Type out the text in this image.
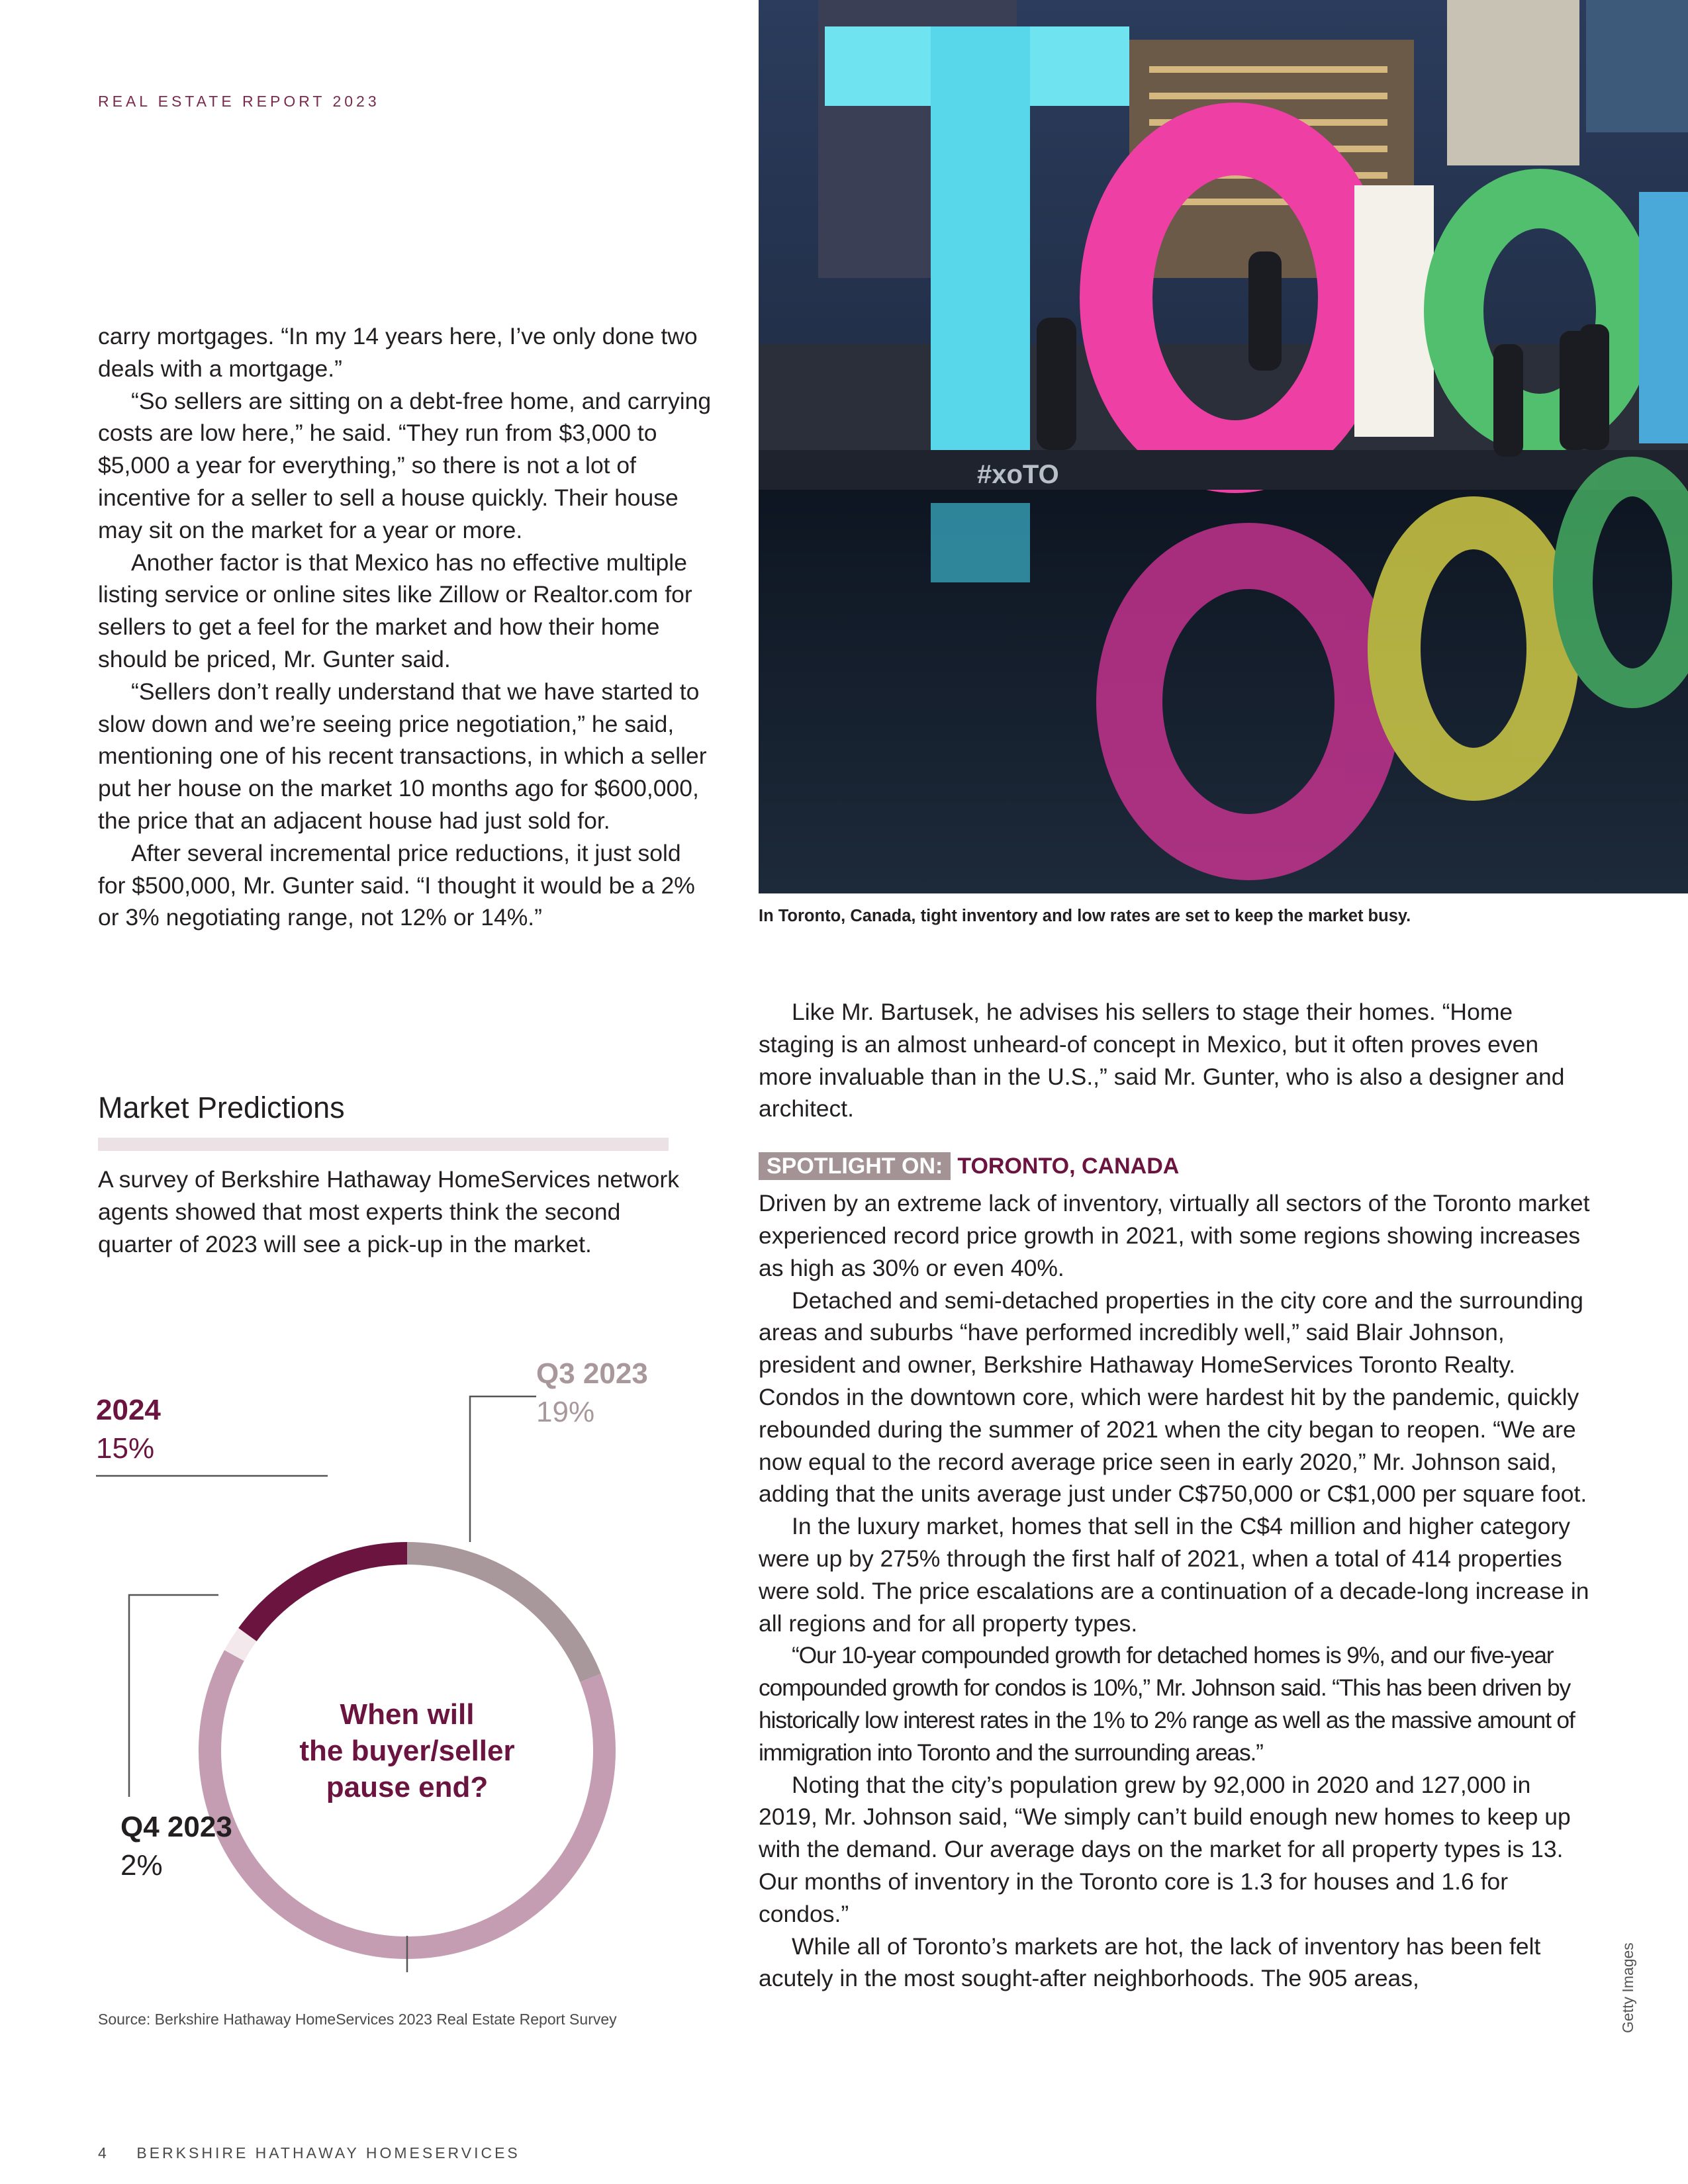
REAL ESTATE REPORT 2023

carry mortgages. “In my 14 years here, I’ve only done two deals with a mortgage.”

“So sellers are sitting on a debt-free home, and carrying costs are low here,” he said. “They run from $3,000 to $5,000 a year for everything,” so there is not a lot of incentive for a seller to sell a house quickly. Their house may sit on the market for a year or more.

Another factor is that Mexico has no effective multiple listing service or online sites like Zillow or Realtor.com for sellers to get a feel for the market and how their home should be priced, Mr. Gunter said.

“Sellers don’t really understand that we have started to slow down and we’re seeing price negotiation,” he said, mentioning one of his recent transactions, in which a seller put her house on the market 10 months ago for $600,000, the price that an adjacent house had just sold for.

After several incremental price reductions, it just sold for $500,000, Mr. Gunter said. “I thought it would be a 2% or 3% negotiating range, not 12% or 14%.”

#xoTO
In Toronto, Canada, tight inventory and low rates are set to keep the market busy.

Like Mr. Bartusek, he advises his sellers to stage their homes. “Home staging is an almost unheard-of concept in Mexico, but it often proves even more invaluable than in the U.S.,” said Mr. Gunter, who is also a designer and architect.

SPOTLIGHT ON: TORONTO, CANADA

Driven by an extreme lack of inventory, virtually all sectors of the Toronto market experienced record price growth in 2021, with some regions showing increases as high as 30% or even 40%.

Detached and semi-detached properties in the city core and the surrounding areas and suburbs “have performed incredibly well,” said Blair Johnson, president and owner, Berkshire Hathaway HomeServices Toronto Realty. Condos in the downtown core, which were hardest hit by the pandemic, quickly rebounded during the summer of 2021 when the city began to reopen. “We are now equal to the record average price seen in early 2020,” Mr. Johnson said, adding that the units average just under C$750,000 or C$1,000 per square foot.

In the luxury market, homes that sell in the C$4 million and higher category were up by 275% through the first half of 2021, when a total of 414 properties were sold. The price escalations are a continuation of a decade-long increase in all regions and for all property types.

“Our 10-year compounded growth for detached homes is 9%, and our five-year compounded growth for condos is 10%,” Mr. Johnson said. “This has been driven by historically low interest rates in the 1% to 2% range as well as the massive amount of immigration into Toronto and the surrounding areas.”

Noting that the city’s population grew by 92,000 in 2020 and 127,000 in 2019, Mr. Johnson said, “We simply can’t build enough new homes to keep up with the demand. Our average days on the market for all property types is 13. Our months of inventory in the Toronto core is 1.3 for houses and 1.6 for condos.”

While all of Toronto’s markets are hot, the lack of inventory has been felt acutely in the most sought-after neighborhoods. The 905 areas,

Market Predictions
A survey of Berkshire Hathaway HomeServices network agents showed that most experts think the second quarter of 2023 will see a pick-up in the market.
When will
the buyer/seller
pause end?
Q3 2023
19%
2024
15%
Q4 2023
2%
Source: Berkshire Hathaway HomeServices 2023 Real Estate Report Survey
4 BERKSHIRE HATHAWAY HOMESERVICES
Getty Images
